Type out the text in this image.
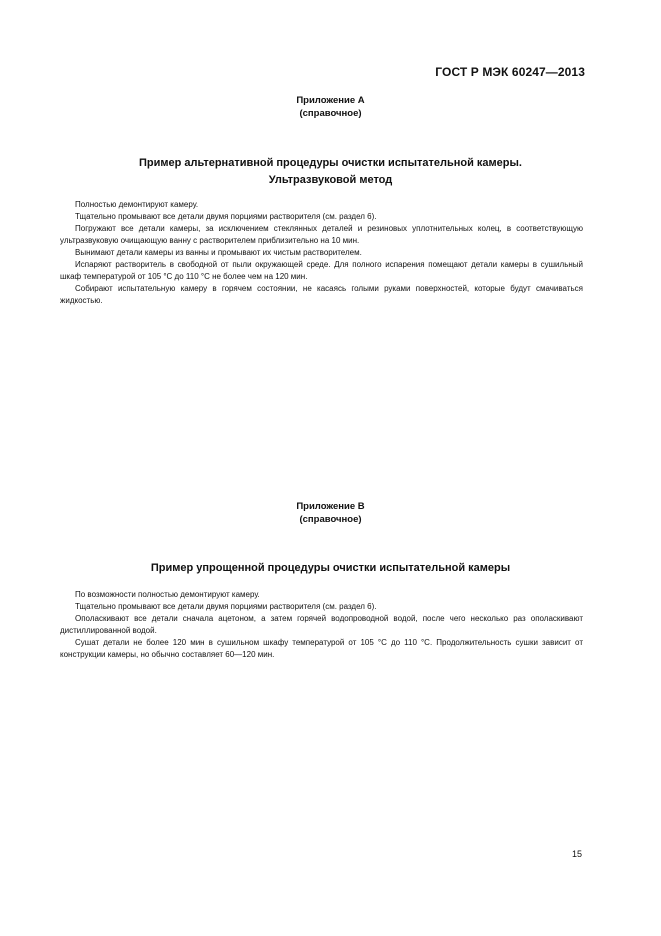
ГОСТ Р МЭК 60247—2013
Приложение А
(справочное)
Пример альтернативной процедуры очистки испытательной камеры.
Ультразвуковой метод

Полностью демонтируют камеру.

Тщательно промывают все детали двумя порциями растворителя (см. раздел 6).

Погружают все детали камеры, за исключением стеклянных деталей и резиновых уплотнительных колец, в соответствующую ультразвуковую очищающую ванну с растворителем приблизительно на 10 мин.

Вынимают детали камеры из ванны и промывают их чистым растворителем.

Испаряют растворитель в свободной от пыли окружающей среде. Для полного испарения помещают детали камеры в сушильный шкаф температурой от 105 °С до 110 °С не более чем на 120 мин.

Собирают испытательную камеру в горячем состоянии, не касаясь голыми руками поверхностей, которые будут смачиваться жидкостью.

Приложение В
(справочное)
Пример упрощенной процедуры очистки испытательной камеры

По возможности полностью демонтируют камеру.

Тщательно промывают все детали двумя порциями растворителя (см. раздел 6).

Ополаскивают все детали сначала ацетоном, а затем горячей водопроводной водой, после чего несколько раз ополаскивают дистиллированной водой.

Сушат детали не более 120 мин в сушильном шкафу температурой от 105 °С до 110 °С. Продолжительность сушки зависит от конструкции камеры, но обычно составляет 60—120 мин.

15
